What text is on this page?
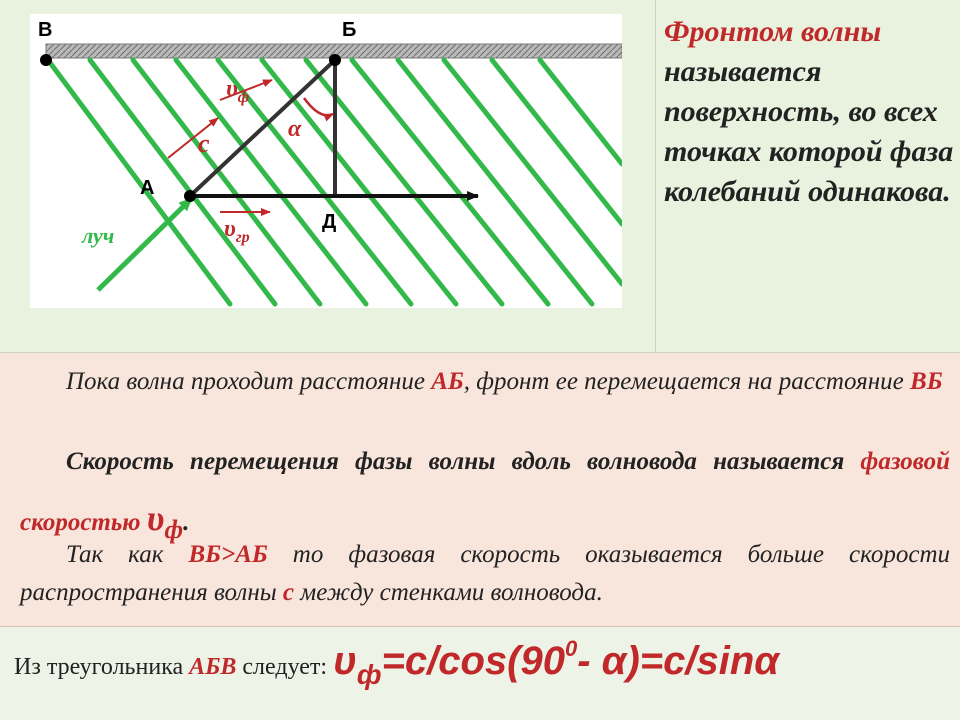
В	Б
А
Д
луч
c	α
$\upsilon_ф$
$\upsilon_{гр}$
Фронтом волны называется поверхность, во всех точках которой фаза колебаний одинакова.
Пока волна проходит расстояние АБ, фронт ее перемещается на расстояние ВБ
Скорость перемещения фазы волны вдоль волновода называется фазовой скоростью υф.
Так как ВБ>АБ то фазовая скорость оказывается больше скорости распространения волны с между стенками волновода.
Из треугольника АБВ следует: υф=c/cos(900- α)=c/sinα
